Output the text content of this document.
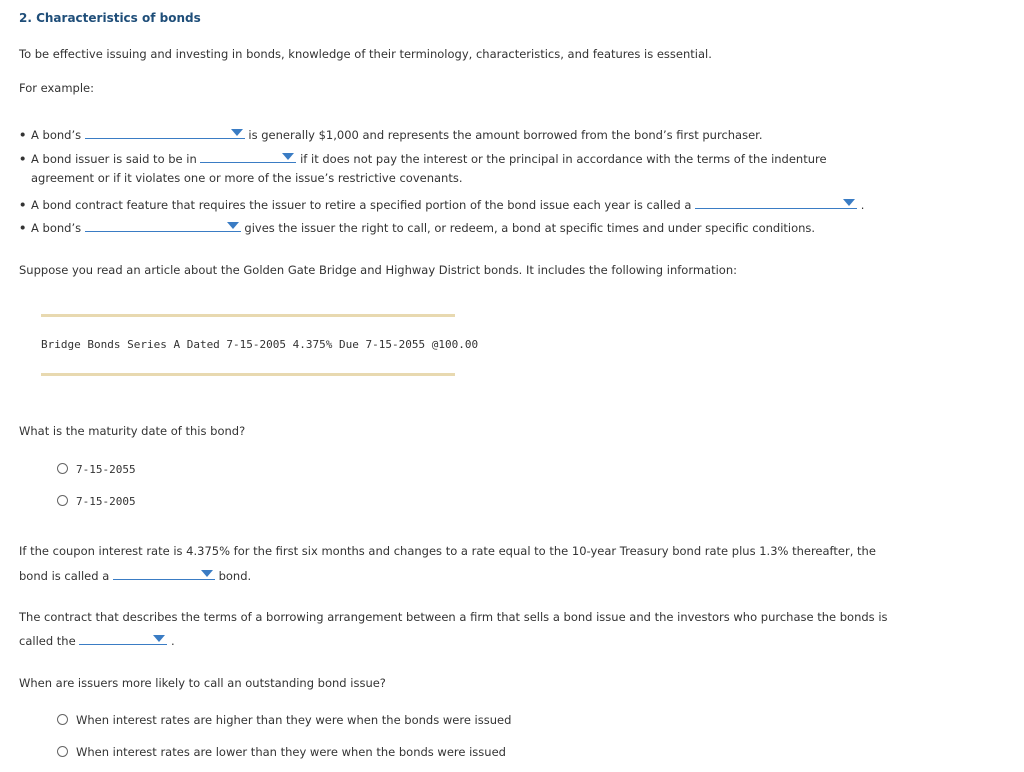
2. Characteristics of bonds
To be effective issuing and investing in bonds, knowledge of their terminology, characteristics, and features is essential.
For example:
• A bond’s	is generally $1,000 and represents the amount borrowed from the bond’s first purchaser.
• A bond issuer is said to be in	if it does not pay the interest or the principal in accordance with the terms of the indenture
agreement or if it violates one or more of the issue’s restrictive covenants.
• A bond contract feature that requires the issuer to retire a specified portion of the bond issue each year is called a	.
• A bond’s	gives the issuer the right to call, or redeem, a bond at specific times and under specific conditions.
Suppose you read an article about the Golden Gate Bridge and Highway District bonds. It includes the following information:
Bridge Bonds Series A Dated 7-15-2005 4.375% Due 7-15-2055 @100.00
What is the maturity date of this bond?
7-15-2055
7-15-2005
If the coupon interest rate is 4.375% for the first six months and changes to a rate equal to the 10-year Treasury bond rate plus 1.3% thereafter, the
bond is called a	bond.
The contract that describes the terms of a borrowing arrangement between a firm that sells a bond issue and the investors who purchase the bonds is
called the	.
When are issuers more likely to call an outstanding bond issue?
When interest rates are higher than they were when the bonds were issued
When interest rates are lower than they were when the bonds were issued
